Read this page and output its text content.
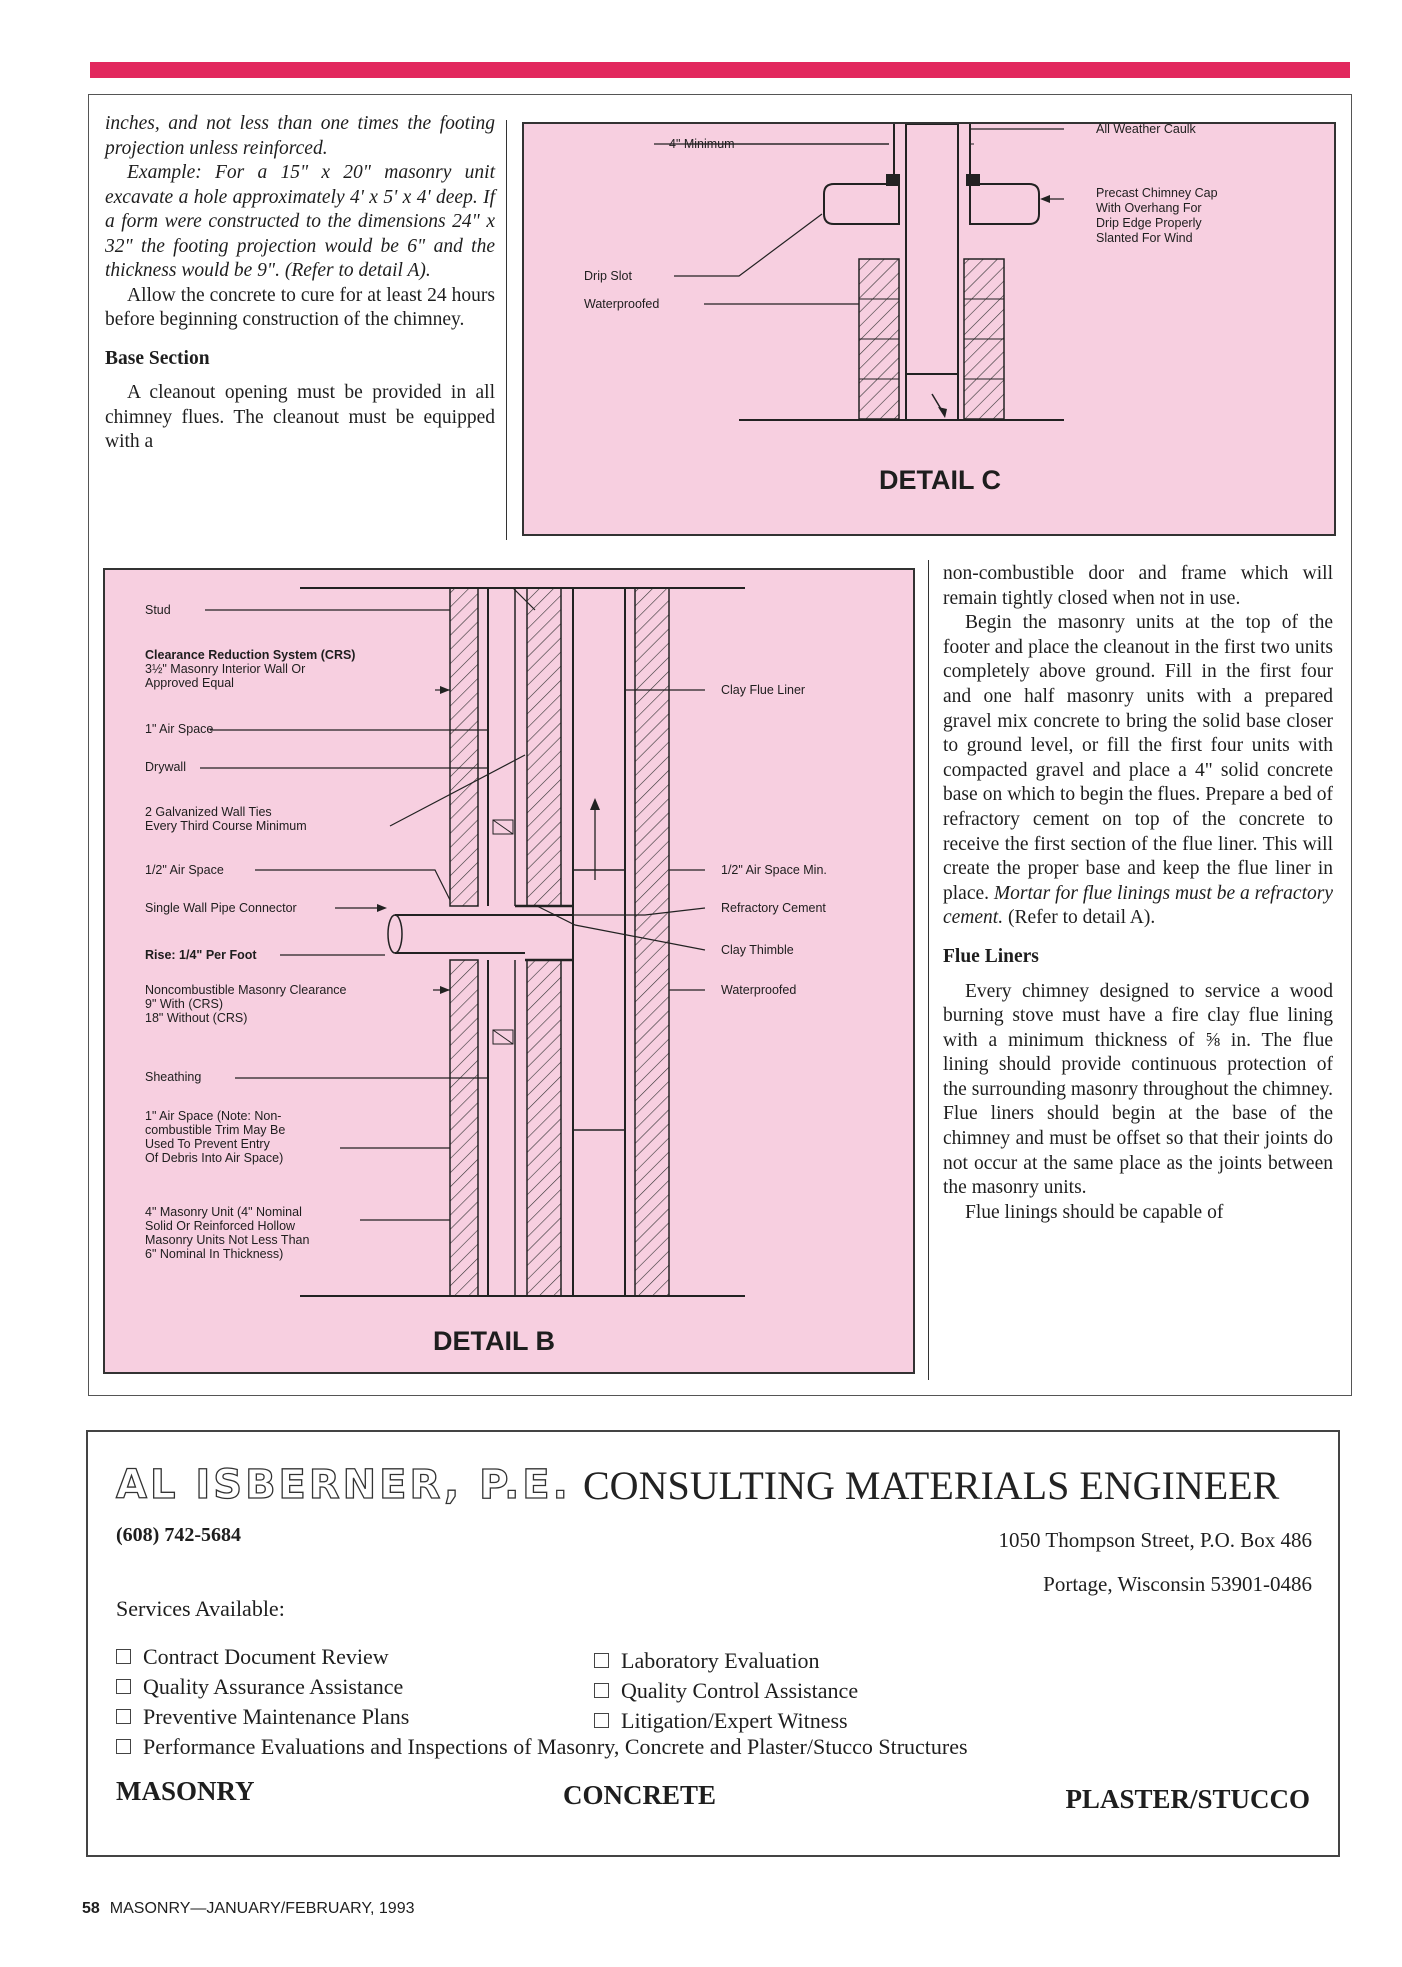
inches, and not less than one times the footing projection unless reinforced.

Example: For a 15" x 20" masonry unit excavate a hole approximately 4' x 5' x 4' deep. If a form were constructed to the dimensions 24" x 32" the footing projection would be 6" and the thickness would be 9". (Refer to detail A).

Allow the concrete to cure for at least 24 hours before beginning construction of the chimney.

Base Section

A cleanout opening must be provided in all chimney flues. The cleanout must be equipped with a

4" Minimum
All Weather Caulk
Precast Chimney Cap
With Overhang For
Drip Edge Properly
Slanted For Wind
Drip Slot
Waterproofed
DETAIL C
Stud
Clearance Reduction System (CRS)
3½" Masonry Interior Wall Or
Approved Equal
1" Air Space
Drywall
2 Galvanized Wall Ties
Every Third Course Minimum
1/2" Air Space
Single Wall Pipe Connector
Rise: 1/4" Per Foot
Noncombustible Masonry Clearance
9" With (CRS)
18" Without (CRS)
Sheathing
1" Air Space (Note: Non-
combustible Trim May Be
Used To Prevent Entry
Of Debris Into Air Space)
4" Masonry Unit (4" Nominal
Solid Or Reinforced Hollow
Masonry Units Not Less Than
6" Nominal In Thickness)
Clay Flue Liner
1/2" Air Space Min.
Refractory Cement
Clay Thimble
Waterproofed
DETAIL B

non-combustible door and frame which will remain tightly closed when not in use.

Begin the masonry units at the top of the footer and place the cleanout in the first two units completely above ground. Fill in the first four and one half masonry units with a prepared gravel mix concrete to bring the solid base closer to ground level, or fill the first four units with compacted gravel and place a 4" solid concrete base on which to begin the flues. Prepare a bed of refractory cement on top of the concrete to receive the first section of the flue liner. This will create the proper base and keep the flue liner in place. Mortar for flue linings must be a refractory cement. (Refer to detail A).

Flue Liners

Every chimney designed to service a wood burning stove must have a fire clay flue lining with a minimum thickness of ⅝ in. The flue lining should provide continuous protection of the surrounding masonry throughout the chimney. Flue liners should begin at the base of the chimney and must be offset so that their joints do not occur at the same place as the joints between the masonry units.

Flue linings should be capable of

AL ISBERNER, P.E. CONSULTING MATERIALS ENGINEER
(608) 742-5684	1050 Thompson Street, P.O. Box 486
Portage, Wisconsin 53901-0486
Services Available:
Contract Document Review
Quality Assurance Assistance
Preventive Maintenance Plans
Laboratory Evaluation
Quality Control Assistance
Litigation/Expert Witness
Performance Evaluations and Inspections of Masonry, Concrete and Plaster/Stucco Structures
MASONRY	CONCRETE	PLASTER/STUCCO
58 MASONRY—JANUARY/FEBRUARY, 1993
